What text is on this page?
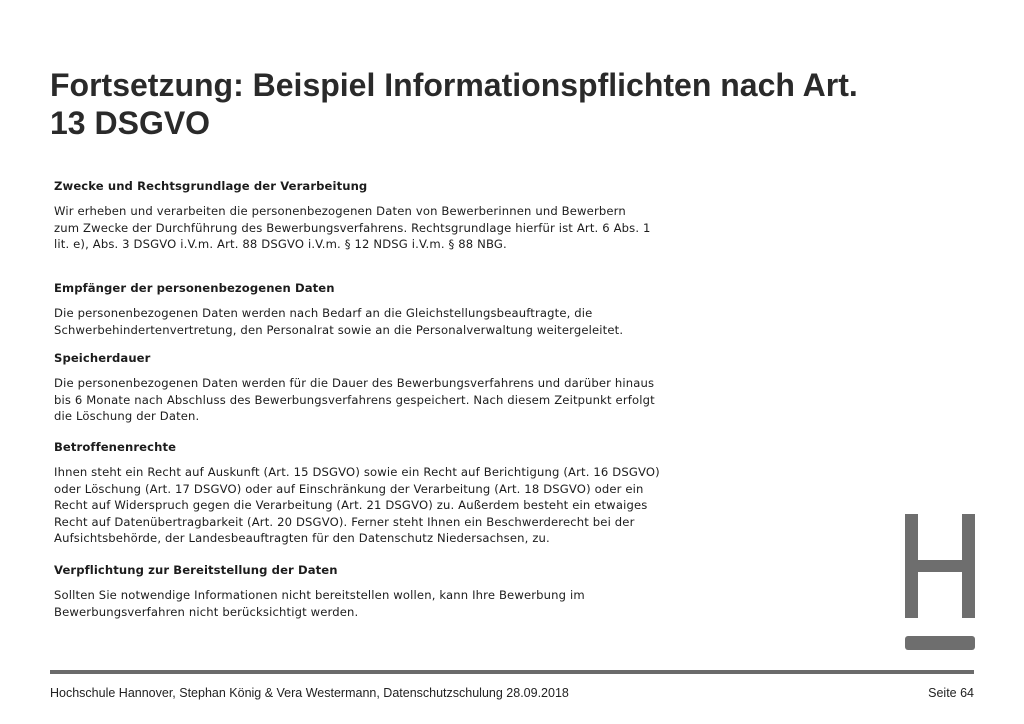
Fortsetzung: Beispiel Informationspflichten nach Art.
13 DSGVO
Zwecke und Rechtsgrundlage der Verarbeitung

Wir erheben und verarbeiten die personenbezogenen Daten von Bewerberinnen und Bewerbern
zum Zwecke der Durchführung des Bewerbungsverfahrens. Rechtsgrundlage hierfür ist Art. 6 Abs. 1
lit. e), Abs. 3 DSGVO i.V.m. Art. 88 DSGVO i.V.m. § 12 NDSG i.V.m. § 88 NBG.

Empfänger der personenbezogenen Daten

Die personenbezogenen Daten werden nach Bedarf an die Gleichstellungsbeauftragte, die
Schwerbehindertenvertretung, den Personalrat sowie an die Personalverwaltung weitergeleitet.

Speicherdauer

Die personenbezogenen Daten werden für die Dauer des Bewerbungsverfahrens und darüber hinaus
bis 6 Monate nach Abschluss des Bewerbungsverfahrens gespeichert. Nach diesem Zeitpunkt erfolgt
die Löschung der Daten.

Betroffenenrechte

Ihnen steht ein Recht auf Auskunft (Art. 15 DSGVO) sowie ein Recht auf Berichtigung (Art. 16 DSGVO)
oder Löschung (Art. 17 DSGVO) oder auf Einschränkung der Verarbeitung (Art. 18 DSGVO) oder ein
Recht auf Widerspruch gegen die Verarbeitung (Art. 21 DSGVO) zu. Außerdem besteht ein etwaiges
Recht auf Datenübertragbarkeit (Art. 20 DSGVO). Ferner steht Ihnen ein Beschwerderecht bei der
Aufsichtsbehörde, der Landesbeauftragten für den Datenschutz Niedersachsen, zu.

Verpflichtung zur Bereitstellung der Daten

Sollten Sie notwendige Informationen nicht bereitstellen wollen, kann Ihre Bewerbung im
Bewerbungsverfahren nicht berücksichtigt werden.

Hochschule Hannover, Stephan König & Vera Westermann, Datenschutzschulung 28.09.2018	Seite 64
